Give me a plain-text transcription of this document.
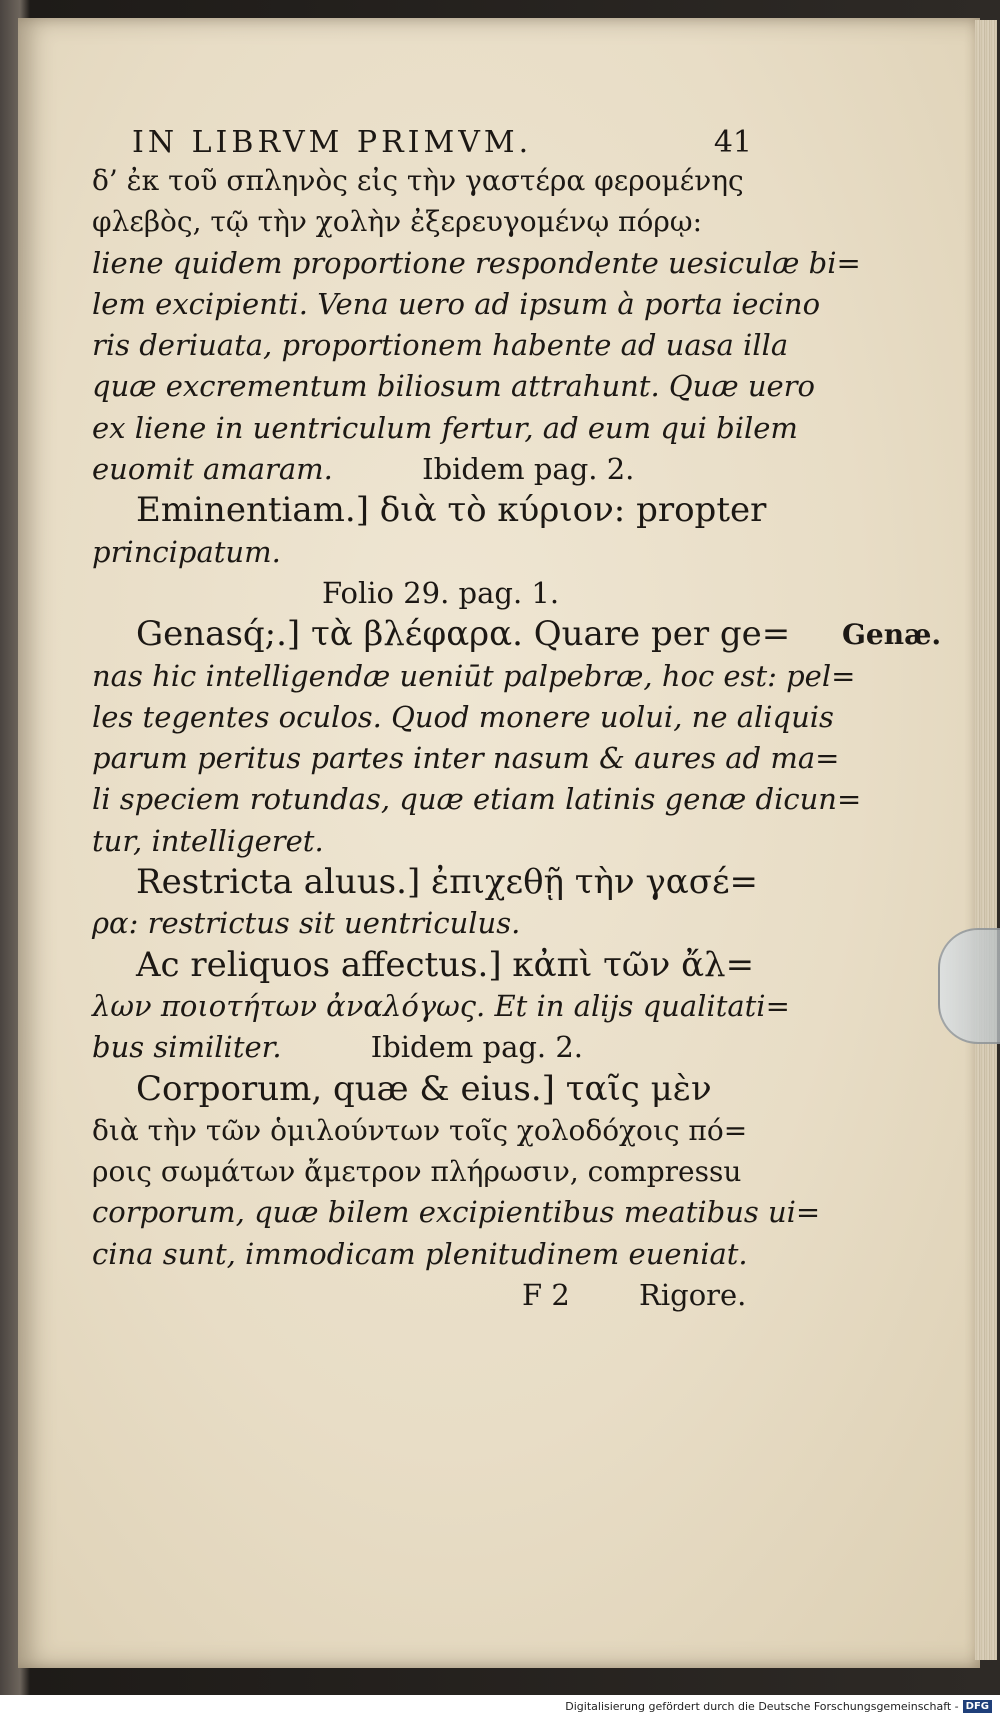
IN LIBRVM PRIMVM.	41
δ’ ἐκ τοῦ σπληνὸς εἰς τὴν γαστέρα φερομένης
φλεβὸς, τῷ τὴν χολὴν ἐξερευγομένῳ πόρῳ:
liene quidem proportione respondente uesiculæ bi=
lem excipienti. Vena uero ad ipsum à porta iecino
ris deriuata, proportionem habente ad uasa illa
quæ excrementum biliosum attrahunt. Quæ uero
ex liene in uentriculum fertur, ad eum qui bilem
euomit amaram.	Ibidem pag. 2.
Eminentiam.] διὰ τὸ κύριον: propter
principatum.
Folio 29. pag. 1.
Genasq́;.] τὰ βλέφαρα. Quare per ge= Genæ.
nas hic intelligendæ ueniūt palpebræ, hoc est: pel=
les tegentes oculos. Quod monere uolui, ne aliquis
parum peritus partes inter nasum & aures ad ma=
li speciem rotundas, quæ etiam latinis genæ dicun=
tur, intelligeret.
Restricta aluus.] ἐπιχεθῇ τὴν γασέ=
ρα: restrictus sit uentriculus.
Ac reliquos affectus.] κἀπὶ τῶν ἄλ=
λων ποιοτήτων ἀναλόγως. Et in alijs qualitati=
bus similiter.	Ibidem pag. 2.
Corporum, quæ & eius.] ταῖς μὲν
διὰ τὴν τῶν ὁμιλούντων τοῖς χολοδόχοις πό=
ροις σωμάτων ἄμετρον πλήρωσιν, compressu
corporum, quæ bilem excipientibus meatibus ui=
cina sunt, immodicam plenitudinem eueniat.
F 2 Rigore.
Digitalisierung gefördert durch die Deutsche Forschungsgemeinschaft - DFG
